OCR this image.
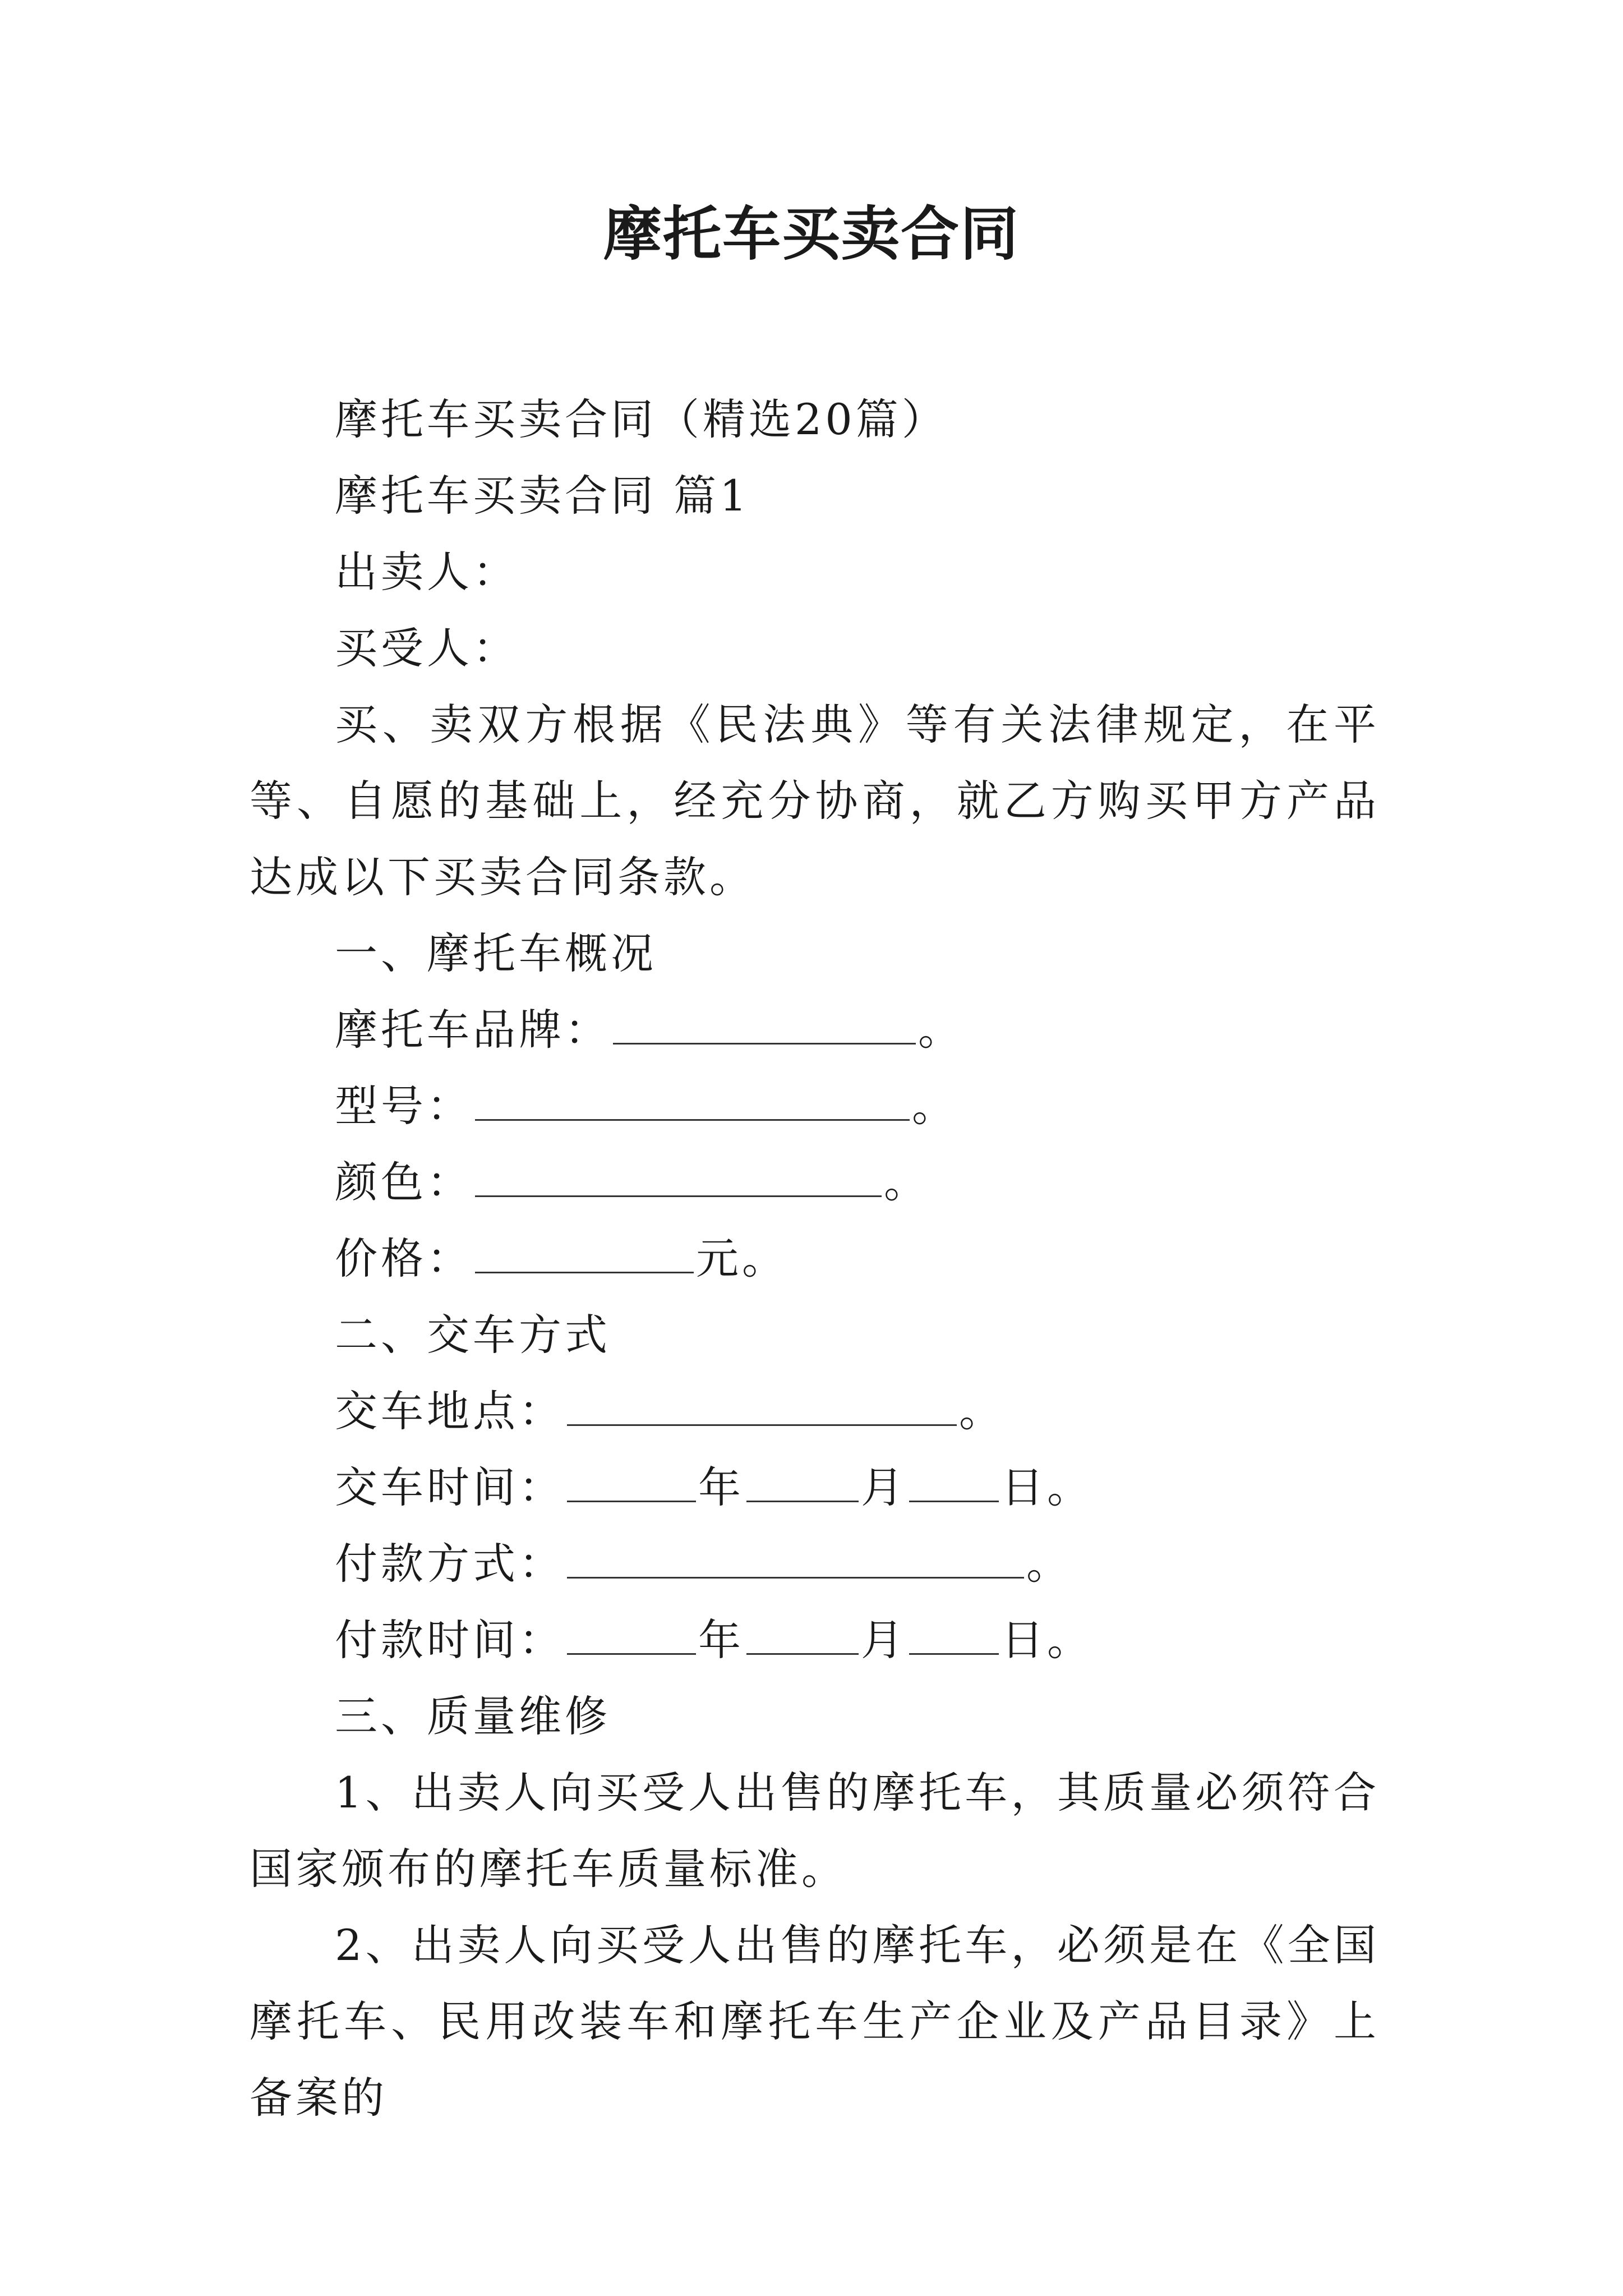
摩托车买卖合同

摩托车买卖合同（精选20篇）

摩托车买卖合同 篇1

出卖人：

买受人：

买、卖双方根据《民法典》等有关法律规定，在平等、自愿的基础上，经充分协商，就乙方购买甲方产品达成以下买卖合同条款。

一、摩托车概况

摩托车品牌：	。

型号：	。

颜色：	。

价格：	元。

二、交车方式

交车地点：	。

交车时间：	年	月 日。

付款方式：	。

付款时间：	年	月 日。

三、质量维修

1、出卖人向买受人出售的摩托车，其质量必须符合国家颁布的摩托车质量标准。

2、出卖人向买受人出售的摩托车，必须是在《全国摩托车、民用改装车和摩托车生产企业及产品目录》上备案的
